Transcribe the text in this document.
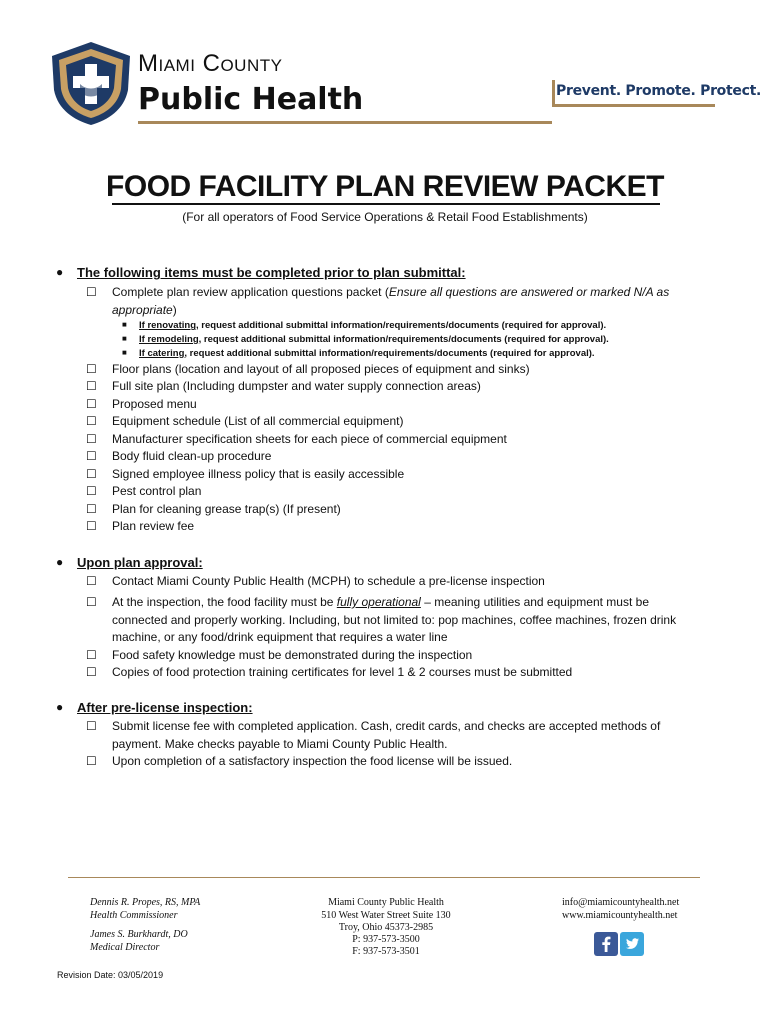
Miami County
Public Health	Prevent. Promote. Protect.
FOOD FACILITY PLAN REVIEW PACKET
(For all operators of Food Service Operations & Retail Food Establishments)
● The following items must be completed prior to plan submittal:
☐ Complete plan review application questions packet (Ensure all questions are answered or marked N/A as appropriate)
■ If renovating, request additional submittal information/requirements/documents (required for approval).
■ If remodeling, request additional submittal information/requirements/documents (required for approval).
■ If catering, request additional submittal information/requirements/documents (required for approval).
☐ Floor plans (location and layout of all proposed pieces of equipment and sinks)
☐ Full site plan (Including dumpster and water supply connection areas)
☐ Proposed menu
☐ Equipment schedule (List of all commercial equipment)
☐ Manufacturer specification sheets for each piece of commercial equipment
☐ Body fluid clean-up procedure
☐ Signed employee illness policy that is easily accessible
☐ Pest control plan
☐ Plan for cleaning grease trap(s) (If present)
☐ Plan review fee
● Upon plan approval:
☐ Contact Miami County Public Health (MCPH) to schedule a pre-license inspection
☐ At the inspection, the food facility must be fully operational – meaning utilities and equipment must be connected and properly working. Including, but not limited to: pop machines, coffee machines, frozen drink machine, or any food/drink equipment that requires a water line
☐ Food safety knowledge must be demonstrated during the inspection
☐ Copies of food protection training certificates for level 1 & 2 courses must be submitted
● After pre-license inspection:
☐ Submit license fee with completed application. Cash, credit cards, and checks are accepted methods of payment. Make checks payable to Miami County Public Health.
☐ Upon completion of a satisfactory inspection the food license will be issued.
Dennis R. Propes, RS, MPA
Health Commissioner
James S. Burkhardt, DO
Medical Director
Miami County Public Health
510 West Water Street Suite 130
Troy, Ohio 45373-2985
P: 937-573-3500
F: 937-573-3501
info@miamicountyhealth.net
www.miamicountyhealth.net
Revision Date: 03/05/2019
